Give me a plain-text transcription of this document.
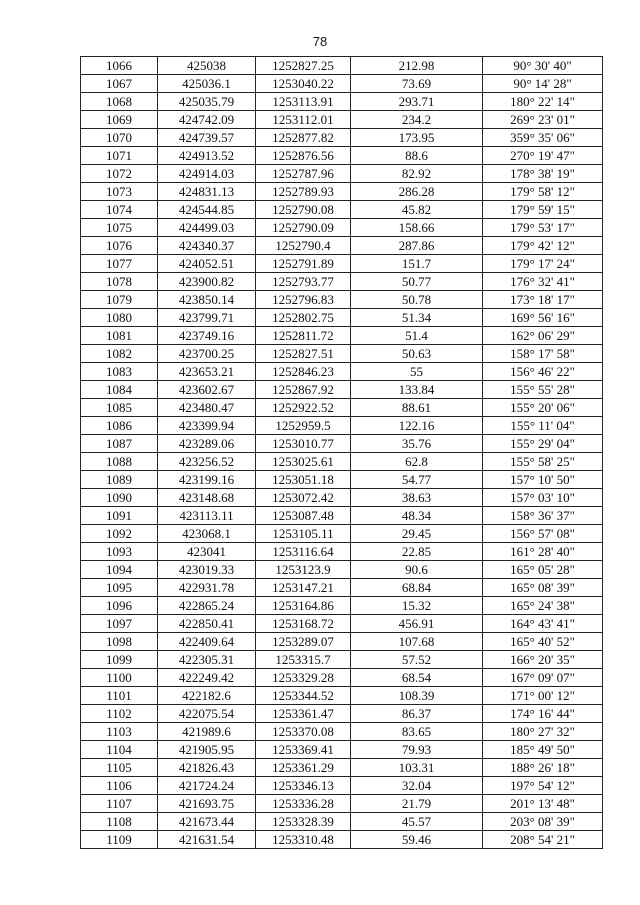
78
1066	425038	1252827.25	212.98	90° 30' 40"
1067	425036.1	1253040.22	73.69	90° 14' 28"
1068	425035.79	1253113.91	293.71	180° 22' 14"
1069	424742.09	1253112.01	234.2	269° 23' 01"
1070	424739.57	1252877.82	173.95	359° 35' 06"
1071	424913.52	1252876.56	88.6	270° 19' 47"
1072	424914.03	1252787.96	82.92	178° 38' 19"
1073	424831.13	1252789.93	286.28	179° 58' 12"
1074	424544.85	1252790.08	45.82	179° 59' 15"
1075	424499.03	1252790.09	158.66	179° 53' 17"
1076	424340.37	1252790.4	287.86	179° 42' 12"
1077	424052.51	1252791.89	151.7	179° 17' 24"
1078	423900.82	1252793.77	50.77	176° 32' 41"
1079	423850.14	1252796.83	50.78	173° 18' 17"
1080	423799.71	1252802.75	51.34	169° 56' 16"
1081	423749.16	1252811.72	51.4	162° 06' 29"
1082	423700.25	1252827.51	50.63	158° 17' 58"
1083	423653.21	1252846.23	55	156° 46' 22"
1084	423602.67	1252867.92	133.84	155° 55' 28"
1085	423480.47	1252922.52	88.61	155° 20' 06"
1086	423399.94	1252959.5	122.16	155° 11' 04"
1087	423289.06	1253010.77	35.76	155° 29' 04"
1088	423256.52	1253025.61	62.8	155° 58' 25"
1089	423199.16	1253051.18	54.77	157° 10' 50"
1090	423148.68	1253072.42	38.63	157° 03' 10"
1091	423113.11	1253087.48	48.34	158° 36' 37"
1092	423068.1	1253105.11	29.45	156° 57' 08"
1093	423041	1253116.64	22.85	161° 28' 40"
1094	423019.33	1253123.9	90.6	165° 05' 28"
1095	422931.78	1253147.21	68.84	165° 08' 39"
1096	422865.24	1253164.86	15.32	165° 24' 38"
1097	422850.41	1253168.72	456.91	164° 43' 41"
1098	422409.64	1253289.07	107.68	165° 40' 52"
1099	422305.31	1253315.7	57.52	166° 20' 35"
1100	422249.42	1253329.28	68.54	167° 09' 07"
1101	422182.6	1253344.52	108.39	171° 00' 12"
1102	422075.54	1253361.47	86.37	174° 16' 44"
1103	421989.6	1253370.08	83.65	180° 27' 32"
1104	421905.95	1253369.41	79.93	185° 49' 50"
1105	421826.43	1253361.29	103.31	188° 26' 18"
1106	421724.24	1253346.13	32.04	197° 54' 12"
1107	421693.75	1253336.28	21.79	201° 13' 48"
1108	421673.44	1253328.39	45.57	203° 08' 39"
1109	421631.54	1253310.48	59.46	208° 54' 21"
